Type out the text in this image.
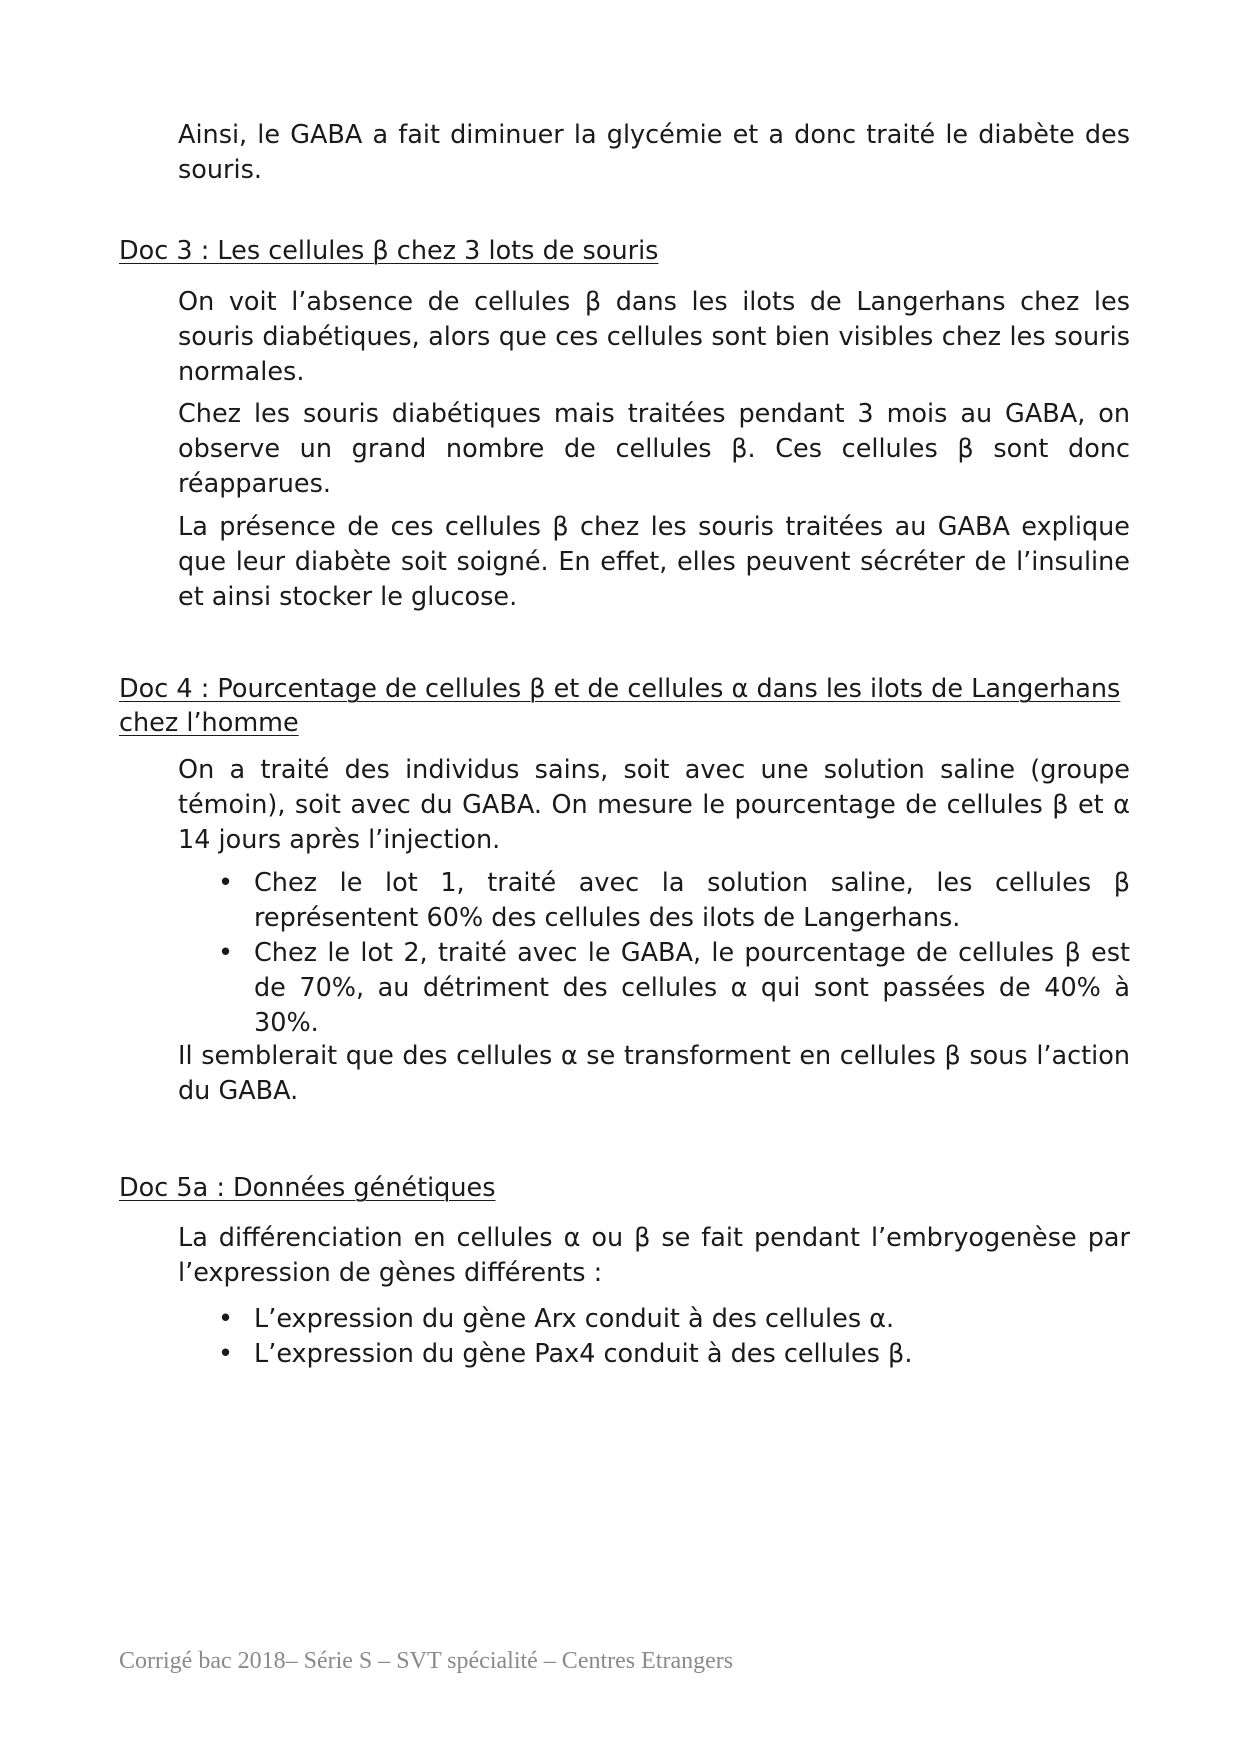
Ainsi, le GABA a fait diminuer la glycémie et a donc traité le diabète des souris.

Doc 3 : Les cellules β chez 3 lots de souris

On voit l’absence de cellules β dans les ilots de Langerhans chez les souris diabétiques, alors que ces cellules sont bien visibles chez les souris normales.

Chez les souris diabétiques mais traitées pendant 3 mois au GABA, on observe un grand nombre de cellules β. Ces cellules β sont donc réapparues.

La présence de ces cellules β chez les souris traitées au GABA explique que leur diabète soit soigné. En effet, elles peuvent sécréter de l’insuline et ainsi stocker le glucose.

Doc 4 : Pourcentage de cellules β et de cellules α dans les ilots de Langerhans chez l’homme

On a traité des individus sains, soit avec une solution saline (groupe témoin), soit avec du GABA. On mesure le pourcentage de cellules β et α 14 jours après l’injection.

• Chez le lot 1, traité avec la solution saline, les cellules β représentent 60% des cellules des ilots de Langerhans.
• Chez le lot 2, traité avec le GABA, le pourcentage de cellules β est de 70%, au détriment des cellules α qui sont passées de 40% à 30%.

Il semblerait que des cellules α se transforment en cellules β sous l’action du GABA.

Doc 5a : Données génétiques

La différenciation en cellules α ou β se fait pendant l’embryogenèse par l’expression de gènes différents :

• L’expression du gène Arx conduit à des cellules α.
• L’expression du gène Pax4 conduit à des cellules β.

Corrigé bac 2018– Série S – SVT spécialité – Centres Etrangers
